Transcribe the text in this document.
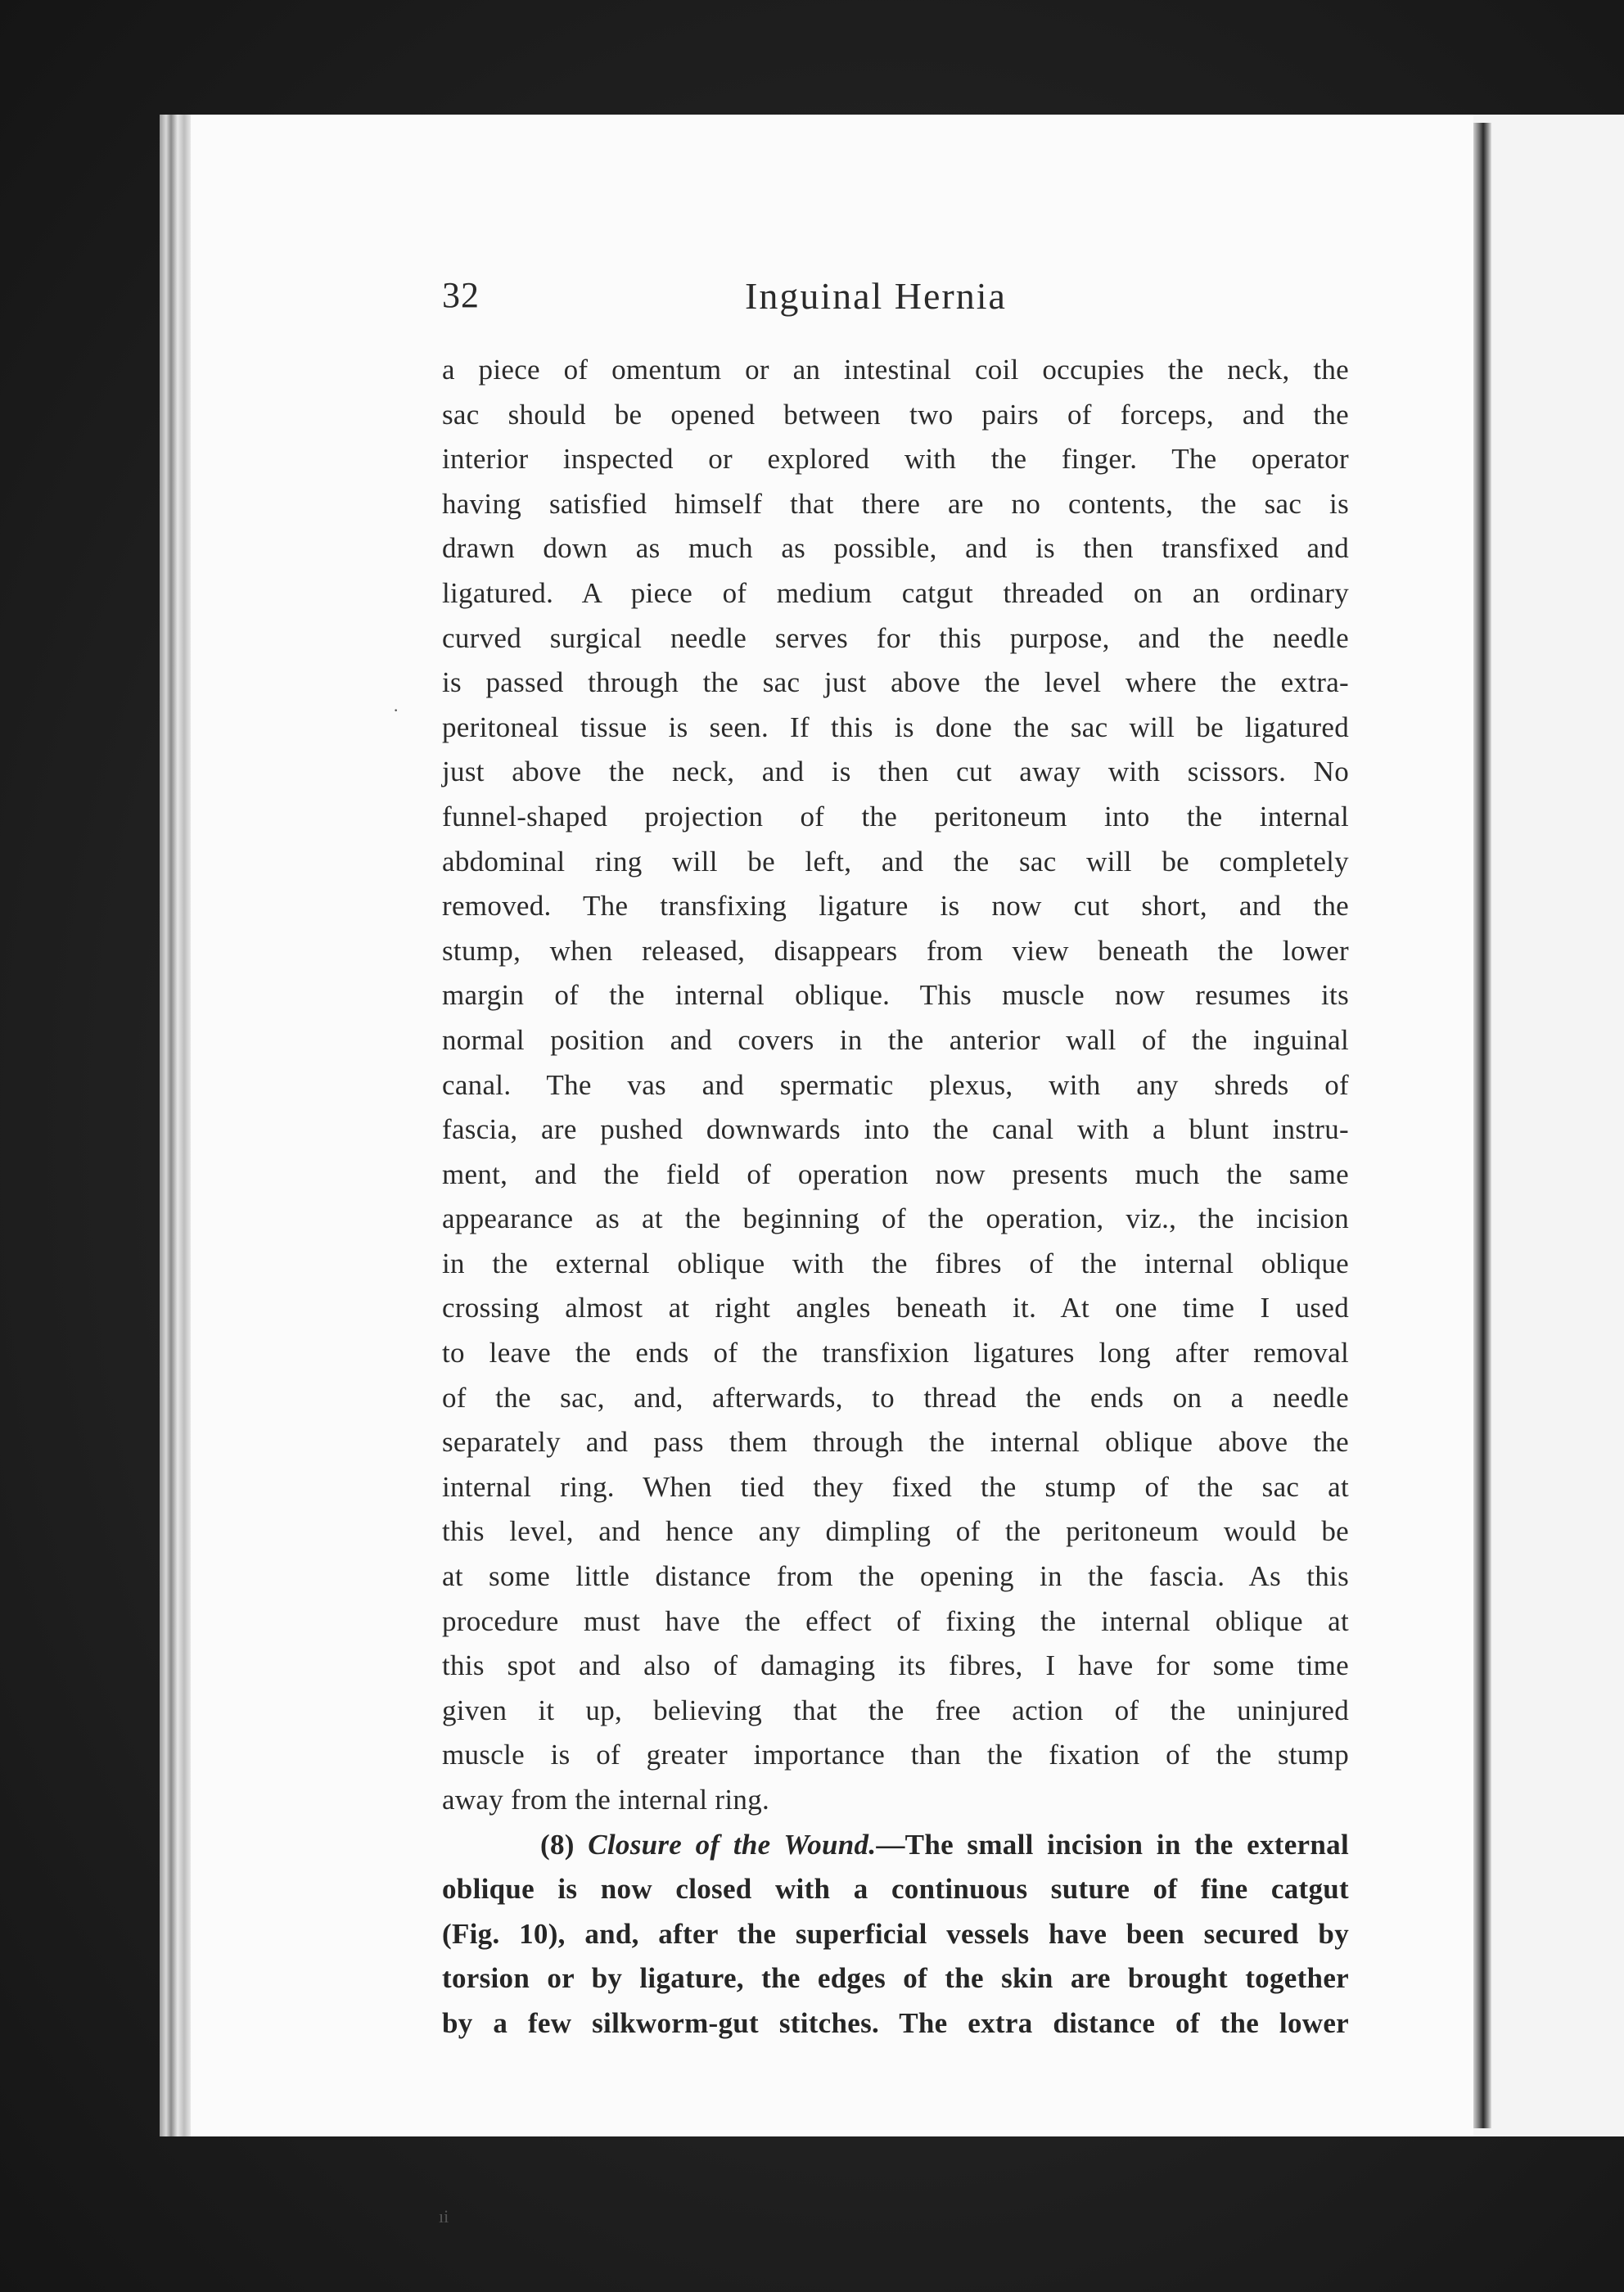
32	Inguinal Hernia
a piece of omentum or an intestinal coil occupies the neck, the
sac should be opened between two pairs of forceps, and the
interior inspected or explored with the finger. The operator
having satisfied himself that there are no contents, the sac is
drawn down as much as possible, and is then transfixed and
ligatured. A piece of medium catgut threaded on an ordinary
curved surgical needle serves for this purpose, and the needle
is passed through the sac just above the level where the extra-
peritoneal tissue is seen. If this is done the sac will be ligatured
just above the neck, and is then cut away with scissors. No
funnel-shaped projection of the peritoneum into the internal
abdominal ring will be left, and the sac will be completely
removed. The transfixing ligature is now cut short, and the
stump, when released, disappears from view beneath the lower
margin of the internal oblique. This muscle now resumes its
normal position and covers in the anterior wall of the inguinal
canal. The vas and spermatic plexus, with any shreds of
fascia, are pushed downwards into the canal with a blunt instru-
ment, and the field of operation now presents much the same
appearance as at the beginning of the operation, viz., the incision
in the external oblique with the fibres of the internal oblique
crossing almost at right angles beneath it. At one time I used
to leave the ends of the transfixion ligatures long after removal
of the sac, and, afterwards, to thread the ends on a needle
separately and pass them through the internal oblique above the
internal ring. When tied they fixed the stump of the sac at
this level, and hence any dimpling of the peritoneum would be
at some little distance from the opening in the fascia. As this
procedure must have the effect of fixing the internal oblique at
this spot and also of damaging its fibres, I have for some time
given it up, believing that the free action of the uninjured
muscle is of greater importance than the fixation of the stump
away from the internal ring.
(8) Closure of the Wound.—The small incision in the external
oblique is now closed with a continuous suture of fine catgut
(Fig. 10), and, after the superficial vessels have been secured by
torsion or by ligature, the edges of the skin are brought together
by a few silkworm-gut stitches. The extra distance of the lower
·
ıi
